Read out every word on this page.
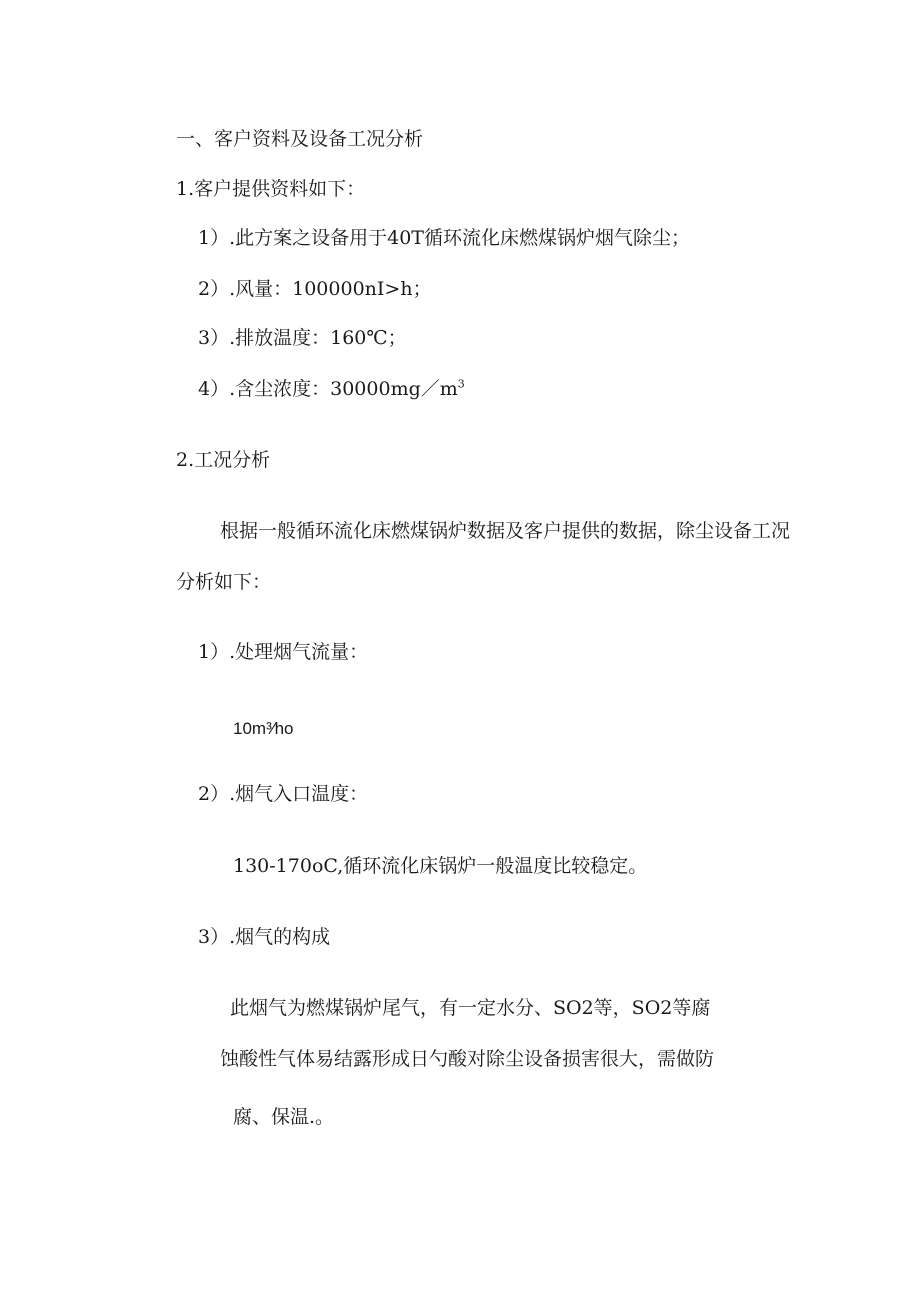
一、客户资料及设备工况分析
1.客户提供资料如下：
1）.此方案之设备用于40T循环流化床燃煤锅炉烟气除尘；
2）.风量：100000nI>h；
3）.排放温度：160℃；
4）.含尘浓度：$30000mg/m^3$
2.工况分析
根据一般循环流化床燃煤锅炉数据及客户提供的数据，除尘设备工况
分析如下：
1）.处理烟气流量：
10m³⁄ho
2）.烟气入口温度：
130-170oC,循环流化床锅炉一般温度比较稳定。
3）.烟气的构成
此烟气为燃煤锅炉尾气，有一定水分、SO2等，SO2等腐
蚀酸性气体易结露形成日勺酸对除尘设备损害很大，需做防
腐、保温.。
